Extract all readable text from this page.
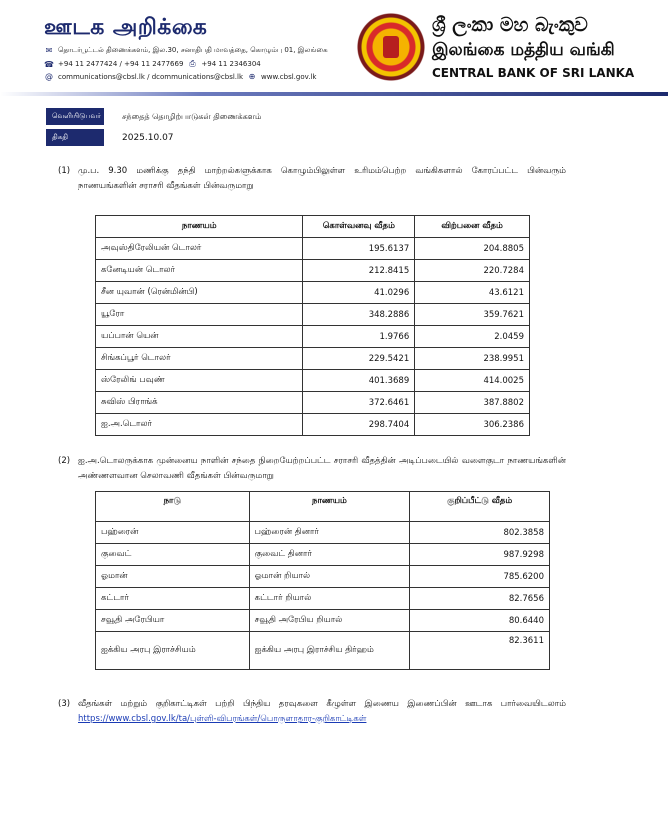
ஊடக அறிக்கை
✉ தொடர்பூட்டல் திணைக்களம், இல.30, சனாதிபதி மாவத்தை, கொழும்பு 01, இலங்கை
☎ +94 11 2477424 / +94 11 2477669 ⎙ +94 11 2346304
@ communications@cbsl.lk / dcommunications@cbsl.lk ⊕ www.cbsl.gov.lk
ශ්‍රී ලංකා මහ බැංකුව
இலங்கை மத்திய வங்கி
CENTRAL BANK OF SRI LANKA
வெளியிடுபவர்	சந்தைத் தொழிற்பாடுகள் திணைக்களம்
திகதி	2025.10.07
(1) மு.ப. 9.30 மணிக்கு தந்தி மாற்றல்களுக்காக கொழும்பிலுள்ள உரிமம்பெற்ற வங்கிகளால் கோரப்பட்ட பின்வரும் நாணயங்களின் சராசரி வீதங்கள் பின்வருமாறு
நாணயம்	கொள்வனவு வீதம்	விற்பனை வீதம்
அவுஸ்திரேலியன் டொலர்	195.6137	204.8805
கனேடியன் டொலர்	212.8415	220.7284
சீன யுவான் (ரென்மின்பி)	41.0296	43.6121
யூரோ	348.2886	359.7621
யப்பான் யென்	1.9766	2.0459
சிங்கப்பூர் டொலர்	229.5421	238.9951
ஸ்ரேலிங் பவுண்	401.3689	414.0025
சுவிஸ் பிராங்க்	372.6461	387.8802
ஐ.அ.டொலர்	298.7404	306.2386
(2) ஐ.அ.டொலருக்காக முன்னைய நாளின் சந்தை நிறையேற்றப்பட்ட சராசரி வீதத்தின் அடிப்படையில் வளைகுடா நாணயங்களின் அண்ணளவான செலாவணி வீதங்கள் பின்வருமாறு
நாடு	நாணயம்	குறிப்பீட்டு வீதம்
பஹ்ரைன்	பஹ்ரைன் தினார்	802.3858
குவைட்	குவைட் தினார்	987.9298
ஓமான்	ஓமான் றியால்	785.6200
கட்டார்	கட்டார் றியால்	82.7656
சவூதி அரேபியா	சவூதி அரேபிய றியால்	80.6440
ஐக்கிய அரபு இராச்சியம்	ஐக்கிய அரபு இராச்சிய திர்ஹம்	82.3611
(3) வீதங்கள் மற்றும் குறிகாட்டிகள் பற்றி பிந்திய தரவுகளை கீழுள்ள இணைய இணைப்பின் ஊடாக பார்வையிடலாம் https://www.cbsl.gov.lk/ta/புள்ளி-விபரங்கள்/பொருளாதார-குறிகாட்டிகள்
